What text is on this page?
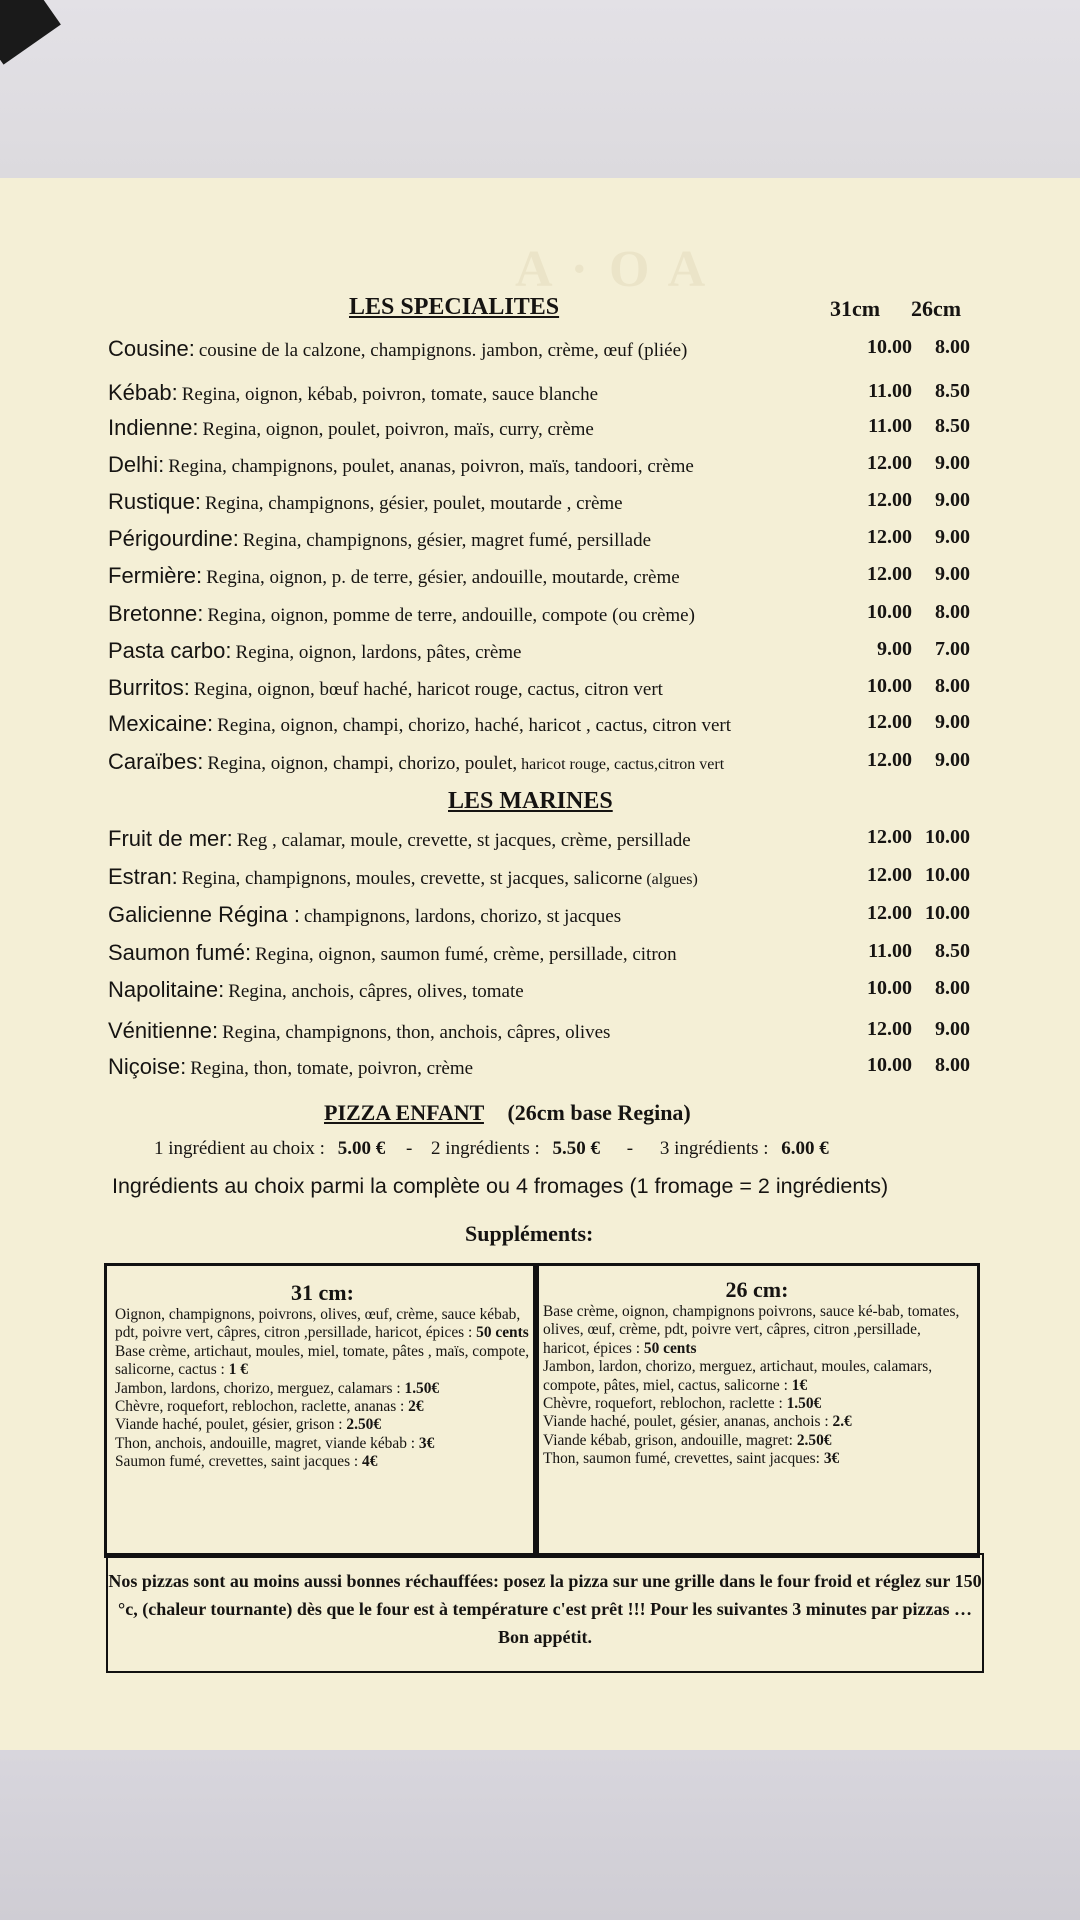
A · O A
LES SPECIALITES	31cm 26cm
Cousine: cousine de la calzone, champignons. jambon, crème, œuf (pliée)	10.00 8.00
Kébab: Regina, oignon, kébab, poivron, tomate, sauce blanche	11.00 8.50
Indienne: Regina, oignon, poulet, poivron, maïs, curry, crème	11.00 8.50
Delhi: Regina, champignons, poulet, ananas, poivron, maïs, tandoori, crème	12.00 9.00
Rustique: Regina, champignons, gésier, poulet, moutarde , crème	12.00 9.00
Périgourdine: Regina, champignons, gésier, magret fumé, persillade	12.00 9.00
Fermière: Regina, oignon, p. de terre, gésier, andouille, moutarde, crème	12.00 9.00
Bretonne: Regina, oignon, pomme de terre, andouille, compote (ou crème)	10.00 8.00
Pasta carbo: Regina, oignon, lardons, pâtes, crème	9.00 7.00
Burritos: Regina, oignon, bœuf haché, haricot rouge, cactus, citron vert	10.00 8.00
Mexicaine: Regina, oignon, champi, chorizo, haché, haricot , cactus, citron vert	12.00 9.00
Caraïbes: Regina, oignon, champi, chorizo, poulet, haricot rouge, cactus,citron vert	12.00 9.00
LES MARINES
Fruit de mer: Reg , calamar, moule, crevette, st jacques, crème, persillade	12.00 10.00
Estran: Regina, champignons, moules, crevette, st jacques, salicorne (algues)	12.00 10.00
Galicienne Régina : champignons, lardons, chorizo, st jacques	12.00 10.00
Saumon fumé: Regina, oignon, saumon fumé, crème, persillade, citron	11.00 8.50
Napolitaine: Regina, anchois, câpres, olives, tomate	10.00 8.00
Vénitienne: Regina, champignons, thon, anchois, câpres, olives	12.00 9.00
Niçoise: Regina, thon, tomate, poivron, crème	10.00 8.00
PIZZA ENFANT (26cm base Regina)
1 ingrédient au choix : 5.00 € - 2 ingrédients : 5.50 € - 3 ingrédients : 6.00 €
Ingrédients au choix parmi la complète ou 4 fromages (1 fromage = 2 ingrédients)
Suppléments:
31 cm:

Oignon, champignons, poivrons, olives, œuf, crème, sauce kébab, pdt, poivre vert, câpres, citron ,persillade, haricot, épices : 50 cents

Base crème, artichaut, moules, miel, tomate, pâtes , maïs, compote, salicorne, cactus : 1 €

Jambon, lardons, chorizo, merguez, calamars : 1.50€

Chèvre, roquefort, reblochon, raclette, ananas : 2€

Viande haché, poulet, gésier, grison : 2.50€

Thon, anchois, andouille, magret, viande kébab : 3€

Saumon fumé, crevettes, saint jacques : 4€

26 cm:

Base crème, oignon, champignons poivrons, sauce ké-bab, tomates, olives, œuf, crème, pdt, poivre vert, câpres, citron ,persillade, haricot, épices : 50 cents

Jambon, lardon, chorizo, merguez, artichaut, moules, calamars, compote, pâtes, miel, cactus, salicorne : 1€

Chèvre, roquefort, reblochon, raclette : 1.50€

Viande haché, poulet, gésier, ananas, anchois : 2.€

Viande kébab, grison, andouille, magret: 2.50€

Thon, saumon fumé, crevettes, saint jacques: 3€

Nos pizzas sont au moins aussi bonnes réchauffées: posez la pizza sur une grille dans le four froid et réglez sur 150 °c, (chaleur tournante) dès que le four est à température c'est prêt !!! Pour les suivantes 3 minutes par pizzas … Bon appétit.
